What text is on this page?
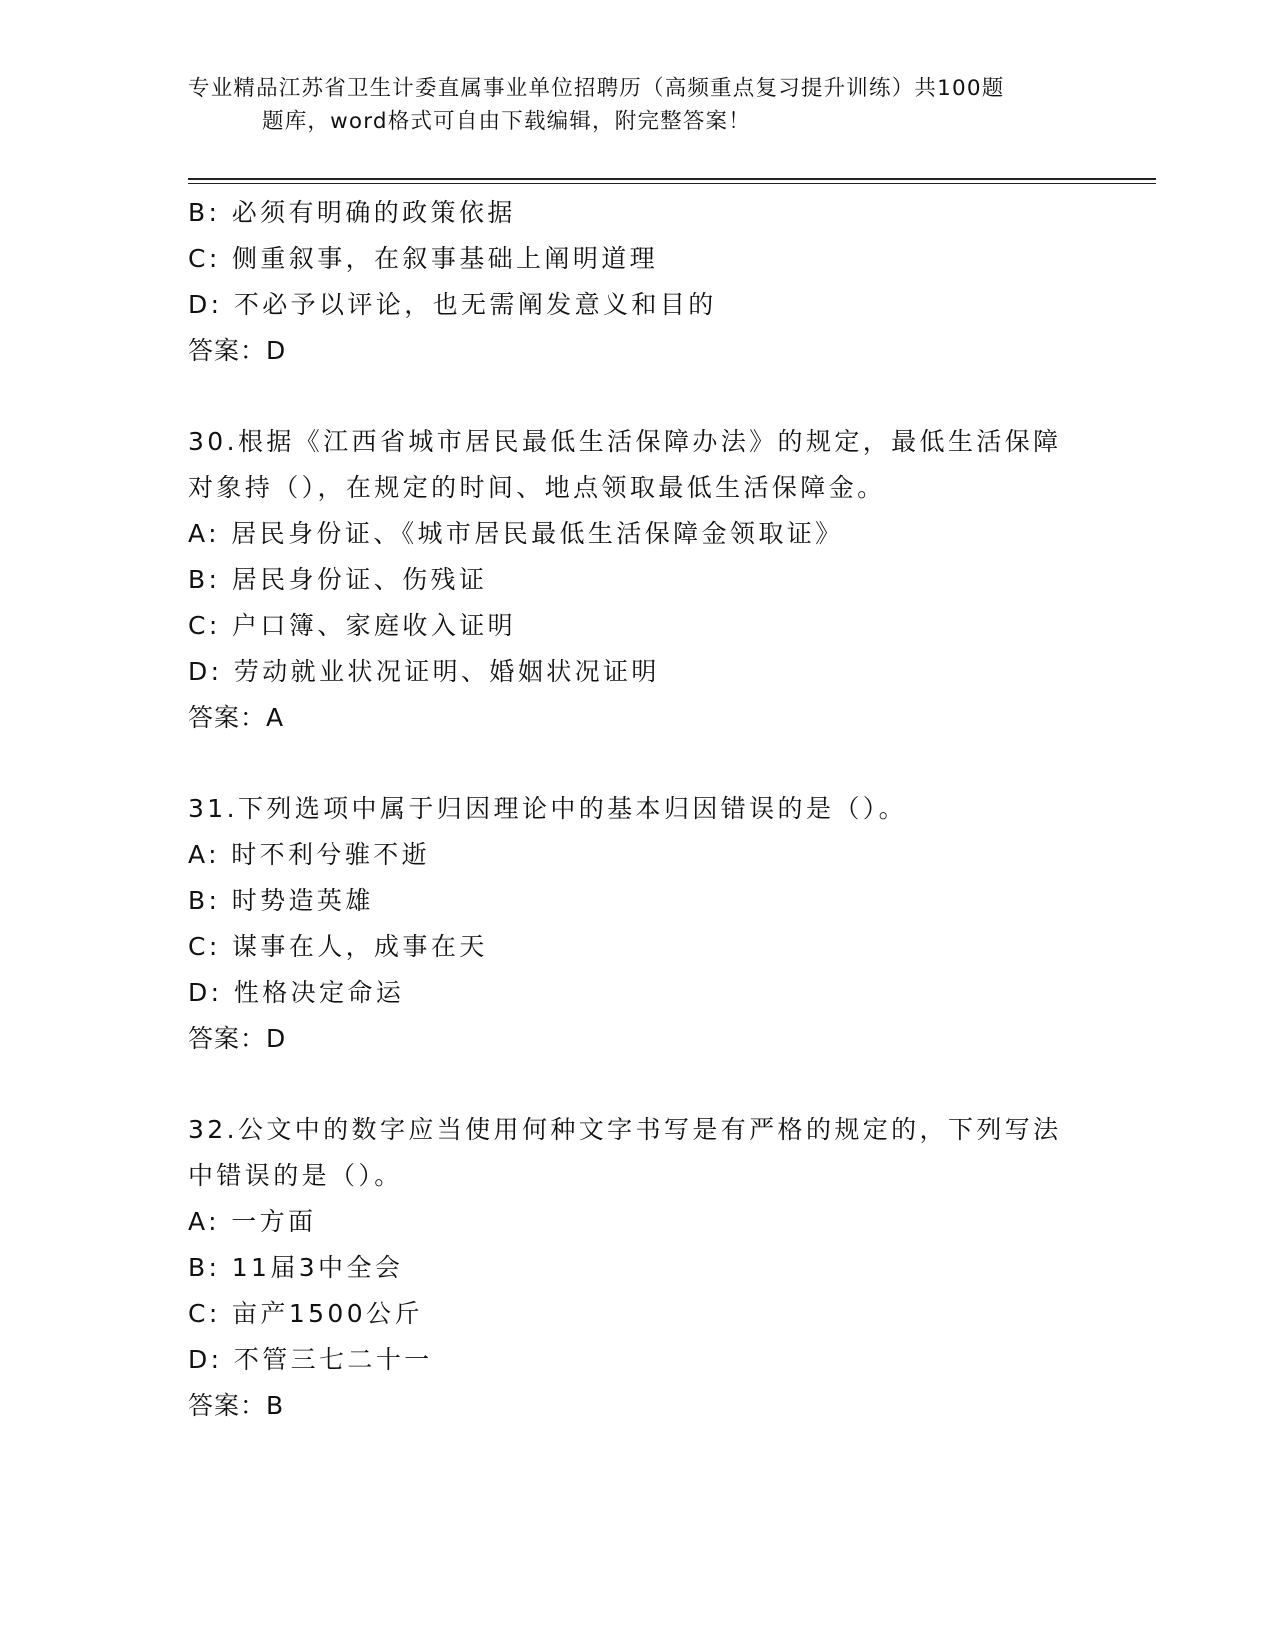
专业精品江苏省卫生计委直属事业单位招聘历（高频重点复习提升训练）共100题
题库，word格式可自由下载编辑，附完整答案！
B: 必须有明确的政策依据
C: 侧重叙事，在叙事基础上阐明道理
D: 不必予以评论，也无需阐发意义和目的
答案：D
30.根据《江西省城市居民最低生活保障办法》的规定，最低生活保障
对象持（），在规定的时间、地点领取最低生活保障金。
A: 居民身份证、《城市居民最低生活保障金领取证》
B: 居民身份证、伤残证
C: 户口簿、家庭收入证明
D: 劳动就业状况证明、婚姻状况证明
答案：A
31.下列选项中属于归因理论中的基本归因错误的是（）。
A: 时不利兮骓不逝
B: 时势造英雄
C: 谋事在人，成事在天
D: 性格决定命运
答案：D
32.公文中的数字应当使用何种文字书写是有严格的规定的，下列写法
中错误的是（）。
A: 一方面
B: 11届3中全会
C: 亩产1500公斤
D: 不管三七二十一
答案：B
